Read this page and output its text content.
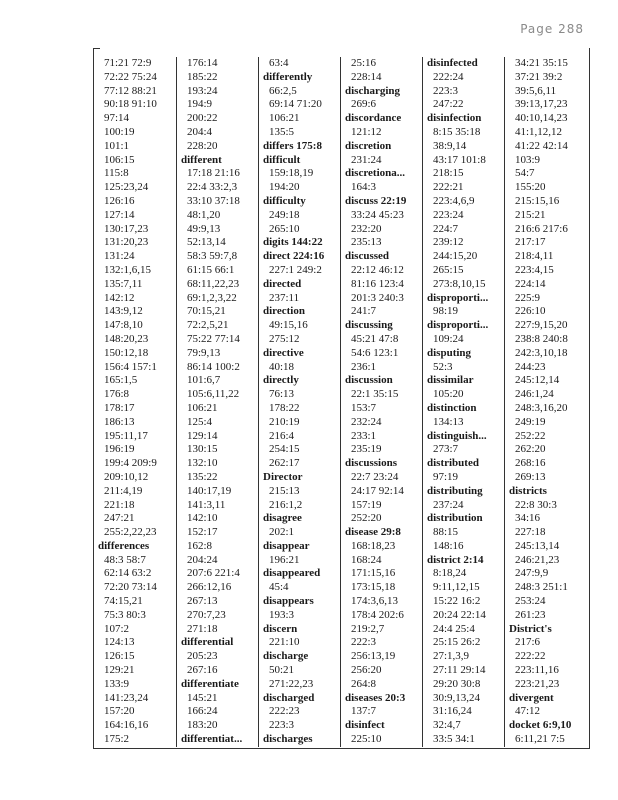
Page 288
71:21 72:9
72:22 75:24
77:12 88:21
90:18 91:10
97:14
100:19
101:1
106:15
115:8
125:23,24
126:16
127:14
130:17,23
131:20,23
131:24
132:1,6,15
135:7,11
142:12
143:9,12
147:8,10
148:20,23
150:12,18
156:4 157:1
165:1,5
176:8
178:17
186:13
195:11,17
196:19
199:4 209:9
209:10,12
211:4,19
221:18
247:21
255:2,22,23
differences
48:3 58:7
62:14 63:2
72:20 73:14
74:15,21
75:3 80:3
107:2
124:13
126:15
129:21
133:9
141:23,24
157:20
164:16,16
175:2
176:14
185:22
193:24
194:9
200:22
204:4
228:20
different
17:18 21:16
22:4 33:2,3
33:10 37:18
48:1,20
49:9,13
52:13,14
58:3 59:7,8
61:15 66:1
68:11,22,23
69:1,2,3,22
70:15,21
72:2,5,21
75:22 77:14
79:9,13
86:14 100:2
101:6,7
105:6,11,22
106:21
125:4
129:14
130:15
132:10
135:22
140:17,19
141:3,11
142:10
152:17
162:8
204:24
207:6 221:4
266:12,16
267:13
270:7,23
271:18
differential
205:23
267:16
differentiate
145:21
166:24
183:20
differentiat...
63:4
differently
66:2,5
69:14 71:20
106:21
135:5
differs 175:8
difficult
159:18,19
194:20
difficulty
249:18
265:10
digits 144:22
direct 224:16
227:1 249:2
directed
237:11
direction
49:15,16
275:12
directive
40:18
directly
76:13
178:22
210:19
216:4
254:15
262:17
Director
215:13
216:1,2
disagree
202:1
disappear
196:21
disappeared
45:4
disappears
193:3
discern
221:10
discharge
50:21
271:22,23
discharged
222:23
223:3
discharges
25:16
228:14
discharging
269:6
discordance
121:12
discretion
231:24
discretiona...
164:3
discuss 22:19
33:24 45:23
232:20
235:13
discussed
22:12 46:12
81:16 123:4
201:3 240:3
241:7
discussing
45:21 47:8
54:6 123:1
236:1
discussion
22:1 35:15
153:7
232:24
233:1
235:19
discussions
22:7 23:24
24:17 92:14
157:19
252:20
disease 29:8
168:18,23
168:24
171:15,16
173:15,18
174:3,6,13
178:4 202:6
219:2,7
222:3
256:13,19
256:20
264:8
diseases 20:3
137:7
disinfect
225:10
disinfected
222:24
223:3
247:22
disinfection
8:15 35:18
38:9,14
43:17 101:8
218:15
222:21
223:4,6,9
223:24
224:7
239:12
244:15,20
265:15
273:8,10,15
disproporti...
98:19
disproporti...
109:24
disputing
52:3
dissimilar
105:20
distinction
134:13
distinguish...
273:7
distributed
97:19
distributing
237:24
distribution
88:15
148:16
district 2:14
8:18,24
9:11,12,15
15:22 16:2
20:24 22:14
24:4 25:4
25:15 26:2
27:1,3,9
27:11 29:14
29:20 30:8
30:9,13,24
31:16,24
32:4,7
33:5 34:1
34:21 35:15
37:21 39:2
39:5,6,11
39:13,17,23
40:10,14,23
41:1,12,12
41:22 42:14
103:9
54:7
155:20
215:15,16
215:21
216:6 217:6
217:17
218:4,11
223:4,15
224:14
225:9
226:10
227:9,15,20
238:8 240:8
242:3,10,18
244:23
245:12,14
246:1,24
248:3,16,20
249:19
252:22
262:20
268:16
269:13
districts
22:8 30:3
34:16
227:18
245:13,14
246:21,23
247:9,9
248:3 251:1
253:24
261:23
District's
217:6
222:22
223:11,16
223:21,23
divergent
47:12
docket 6:9,10
6:11,21 7:5
